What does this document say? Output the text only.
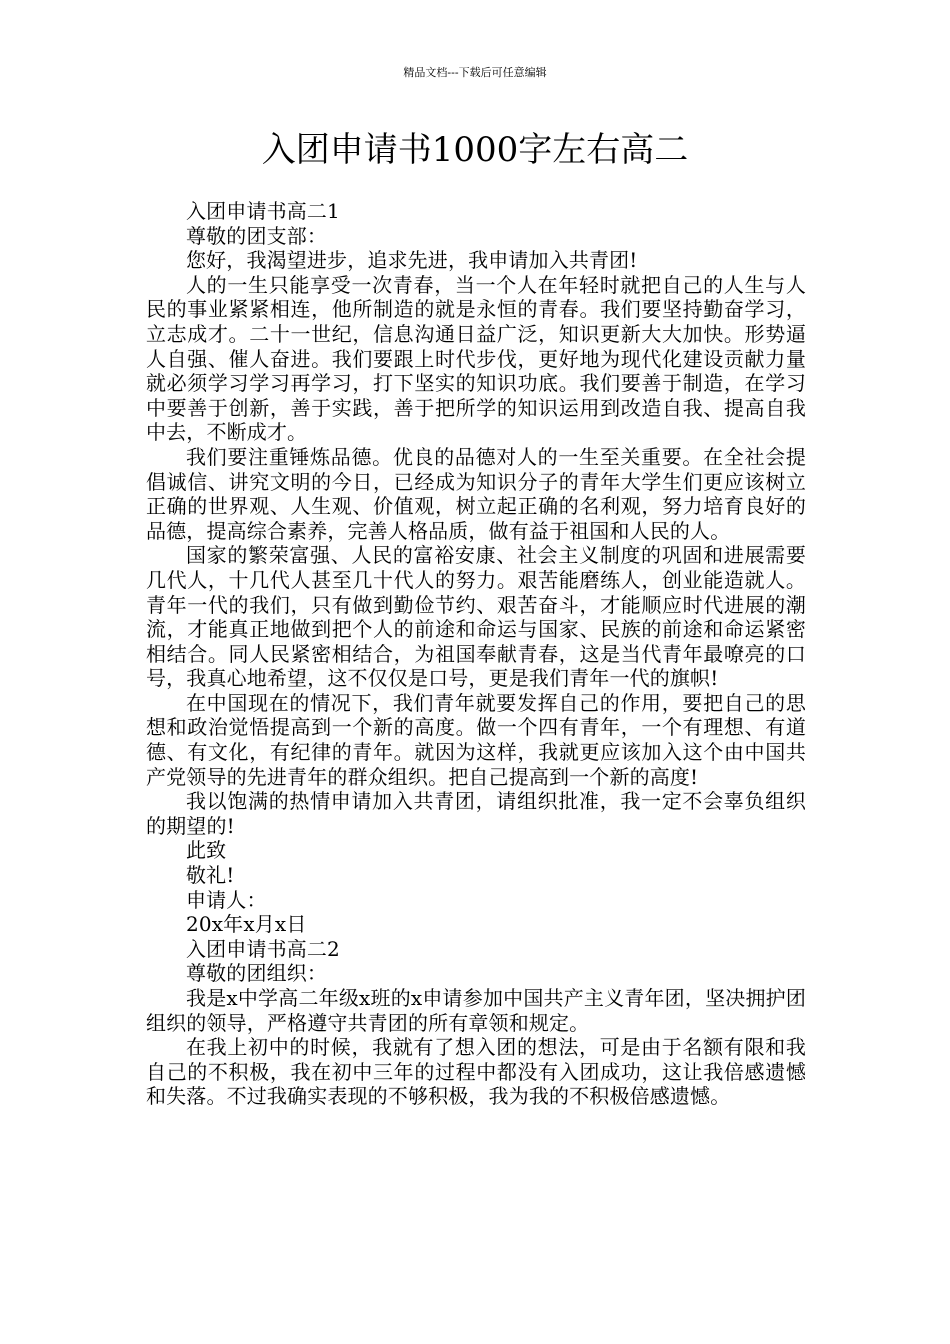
精品文档---下载后可任意编辑
入团申请书1000字左右高二

入团申请书高二1

尊敬的团支部：

您好，我渴望进步，追求先进，我申请加入共青团!

人的一生只能享受一次青春，当一个人在年轻时就把自己的人生与人民的事业紧紧相连，他所制造的就是永恒的青春。我们要坚持勤奋学习，立志成才。二十一世纪，信息沟通日益广泛，知识更新大大加快。形势逼人自强、催人奋进。我们要跟上时代步伐，更好地为现代化建设贡献力量就必须学习学习再学习，打下坚实的知识功底。我们要善于制造，在学习中要善于创新，善于实践，善于把所学的知识运用到改造自我、提高自我中去，不断成才。

我们要注重锤炼品德。优良的品德对人的一生至关重要。在全社会提倡诚信、讲究文明的今日，已经成为知识分子的青年大学生们更应该树立正确的世界观、人生观、价值观，树立起正确的名利观，努力培育良好的品德，提高综合素养，完善人格品质，做有益于祖国和人民的人。

国家的繁荣富强、人民的富裕安康、社会主义制度的巩固和进展需要几代人，十几代人甚至几十代人的努力。艰苦能磨练人，创业能造就人。青年一代的我们，只有做到勤俭节约、艰苦奋斗，才能顺应时代进展的潮流，才能真正地做到把个人的前途和命运与国家、民族的前途和命运紧密相结合。同人民紧密相结合，为祖国奉献青春，这是当代青年最嘹亮的口号，我真心地希望，这不仅仅是口号，更是我们青年一代的旗帜!

在中国现在的情况下，我们青年就要发挥自己的作用，要把自己的思想和政治觉悟提高到一个新的高度。做一个四有青年，一个有理想、有道德、有文化，有纪律的青年。就因为这样，我就更应该加入这个由中国共产党领导的先进青年的群众组织。把自己提高到一个新的高度!

我以饱满的热情申请加入共青团，请组织批准，我一定不会辜负组织的期望的!

此致

敬礼!

申请人：

20x年x月x日

入团申请书高二2

尊敬的团组织：

我是x中学高二年级x班的x申请参加中国共产主义青年团，坚决拥护团组织的领导，严格遵守共青团的所有章领和规定。

在我上初中的时候，我就有了想入团的想法，可是由于名额有限和我自己的不积极，我在初中三年的过程中都没有入团成功，这让我倍感遗憾和失落。不过我确实表现的不够积极，我为我的不积极倍感遗憾。
